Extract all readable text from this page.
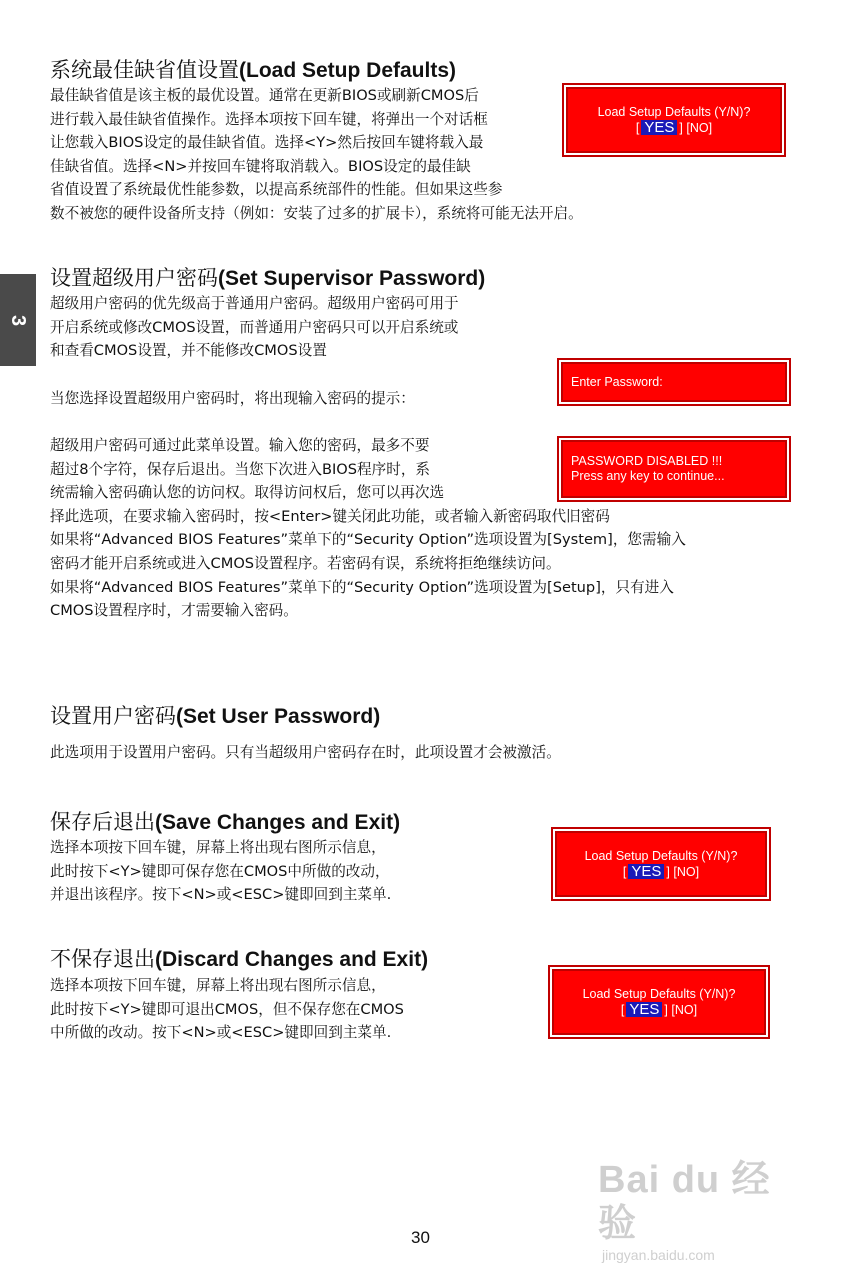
3
系统最佳缺省值设置(Load Setup Defaults)
最佳缺省值是该主板的最优设置。通常在更新BIOS或刷新CMOS后
进行载入最佳缺省值操作。选择本项按下回车键，将弹出一个对话框
让您载入BIOS设定的最佳缺省值。选择<Y>然后按回车键将载入最
佳缺省值。选择<N>并按回车键将取消载入。BIOS设定的最佳缺
省值设置了系统最优性能参数，以提高系统部件的性能。但如果这些参
数不被您的硬件设备所支持（例如：安装了过多的扩展卡），系统将可能无法开启。
Load Setup Defaults (Y/N)?
[ YES ] [NO]
设置超级用户密码(Set Supervisor Password)
超级用户密码的优先级高于普通用户密码。超级用户密码可用于
开启系统或修改CMOS设置，而普通用户密码只可以开启系统或
和查看CMOS设置，并不能修改CMOS设置
当您选择设置超级用户密码时，将出现输入密码的提示：
Enter Password:
超级用户密码可通过此菜单设置。输入您的密码，最多不要
超过8个字符，保存后退出。当您下次进入BIOS程序时，系
统需输入密码确认您的访问权。取得访问权后，您可以再次选
择此选项，在要求输入密码时，按<Enter>键关闭此功能，或者输入新密码取代旧密码
如果将“Advanced BIOS Features”菜单下的“Security Option”选项设置为[System]，您需输入
密码才能开启系统或进入CMOS设置程序。若密码有误，系统将拒绝继续访问。
如果将“Advanced BIOS Features”菜单下的“Security Option”选项设置为[Setup]，只有进入
CMOS设置程序时，才需要输入密码。
PASSWORD DISABLED !!!
Press any key to continue...
设置用户密码(Set User Password)
此选项用于设置用户密码。只有当超级用户密码存在时，此项设置才会被激活。
保存后退出(Save Changes and Exit)
选择本项按下回车键，屏幕上将出现右图所示信息，
此时按下<Y>键即可保存您在CMOS中所做的改动，
并退出该程序。按下<N>或<ESC>键即回到主菜单.
Load Setup Defaults (Y/N)?
[ YES ] [NO]
不保存退出(Discard Changes and Exit)
选择本项按下回车键，屏幕上将出现右图所示信息，
此时按下<Y>键即可退出CMOS，但不保存您在CMOS
中所做的改动。按下<N>或<ESC>键即回到主菜单.
Load Setup Defaults (Y/N)?
[ YES ] [NO]
Bai du 经验
jingyan.baidu.com
30
